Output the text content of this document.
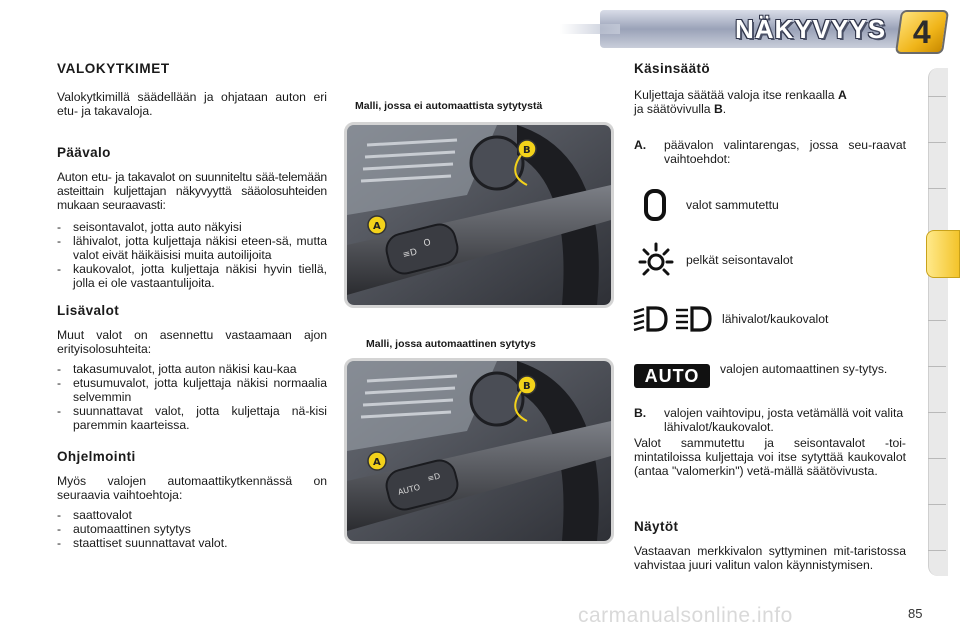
NÄKYVYYS 4
VALOKYTKIMET

Valokytkimillä säädellään ja ohjataan auton eri etu- ja takavaloja.

Päävalo

Auton etu- ja takavalot on suunniteltu sää-telemään asteittain kuljettajan näkyvyyttä sääolosuhteiden mukaan seuraavasti:

- seisontavalot, jotta auto näkyisi
- lähivalot, jotta kuljettaja näkisi eteen-sä, mutta valot eivät häikäisisi muita autoilijoita
- kaukovalot, jotta kuljettaja näkisi hyvin tiellä, jolla ei ole vastaantulijoita.
Lisävalot

Muut valot on asennettu vastaamaan ajon erityisolosuhteita:

- takasumuvalot, jotta auton näkisi kau-kaa
- etusumuvalot, jotta kuljettaja näkisi normaalia selvemmin
- suunnattavat valot, jotta kuljettaja nä-kisi paremmin kaarteissa.
Ohjelmointi

Myös valojen automaattikytkennässä on seuraavia vaihtoehtoja:

- saattovalot
- automaattinen sytytys
- staattiset suunnattavat valot.
Malli, jossa ei automaattista sytytystä
≡D
O
A
B
Malli, jossa automaattinen sytytys
AUTO
≡D
A
B
Käsinsäätö

Kuljettaja säätää valoja itse renkaalla A
ja säätövivulla B.

A. päävalon valintarengas, jossa seu-raavat vaihtoehdot:

valot sammutettu
pelkät seisontavalot
lähivalot/kaukovalot
AUTO valojen automaattinen sy-tytys.
B. valojen vaihtovipu, josta vetämällä voit valita lähivalot/kaukovalot.

Valot sammutettu ja seisontavalot -toi-mintatiloissa kuljettaja voi itse sytyttää kaukovalot (antaa "valomerkin") vetä-mällä säätövivusta.

Näytöt

Vastaavan merkkivalon syttyminen mit-taristossa vahvistaa juuri valitun valon käynnistymisen.

carmanualsonline.info	85
